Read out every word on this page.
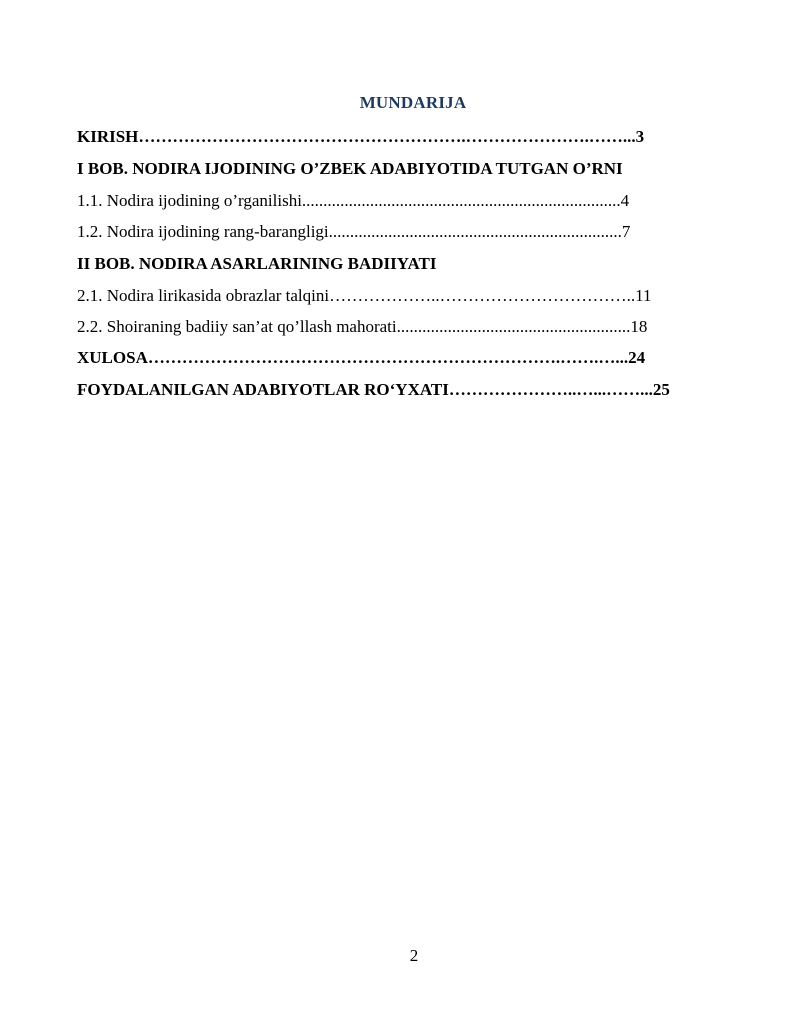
MUNDARIJA
KIRISH………………………………………………….………………….……...3
I BOB. NODIRA IJODINING O’ZBEK ADABIYOTIDA TUTGAN O’RNI
1.1. Nodira ijodining o’rganilishi...........................................................................4
1.2. Nodira ijodining rang-barangligi.....................................................................7
II BOB. NODIRA ASARLARINING BADIIYATI
2.1. Nodira lirikasida obrazlar talqini………………..……………………………..11
2.2. Shoiraning badiiy san’at qo’llash mahorati.......................................................18
XULOSA……………………………………………………………….…….…...24
FOYDALANILGAN ADABIYOTLAR RO‘YXATI…………………..…...……...25
2
